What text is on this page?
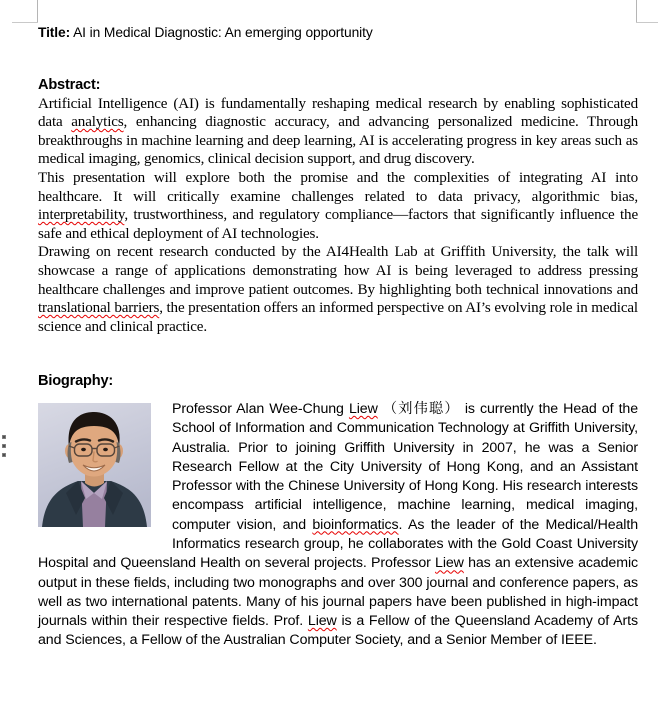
Title: AI in Medical Diagnostic: An emerging opportunity
Abstract:

Artificial Intelligence (AI) is fundamentally reshaping medical research by enabling sophisticated data analytics, enhancing diagnostic accuracy, and advancing personalized medicine. Through breakthroughs in machine learning and deep learning, AI is accelerating progress in key areas such as medical imaging, genomics, clinical decision support, and drug discovery.

This presentation will explore both the promise and the complexities of integrating AI into healthcare. It will critically examine challenges related to data privacy, algorithmic bias, interpretability, trustworthiness, and regulatory compliance—factors that significantly influence the safe and ethical deployment of AI technologies.

Drawing on recent research conducted by the AI4Health Lab at Griffith University, the talk will showcase a range of applications demonstrating how AI is being leveraged to address pressing healthcare challenges and improve patient outcomes. By highlighting both technical innovations and translational barriers, the presentation offers an informed perspective on AI’s evolving role in medical science and clinical practice.

Biography:
Professor Alan Wee-Chung Liew （刘伟聪） is currently the Head of the School of Information and Communication Technology at Griffith University, Australia. Prior to joining Griffith University in 2007, he was a Senior Research Fellow at the City University of Hong Kong, and an Assistant Professor with the Chinese University of Hong Kong. His research interests encompass artificial intelligence, machine learning, medical imaging, computer vision, and bioinformatics. As the leader of the Medical/Health Informatics research group, he collaborates with the Gold Coast University Hospital and Queensland Health on several projects. Professor Liew has an extensive academic output in these fields, including two monographs and over 300 journal and conference papers, as well as two international patents. Many of his journal papers have been published in high-impact journals within their respective fields. Prof. Liew is a Fellow of the Queensland Academy of Arts and Sciences, a Fellow of the Australian Computer Society, and a Senior Member of IEEE.
